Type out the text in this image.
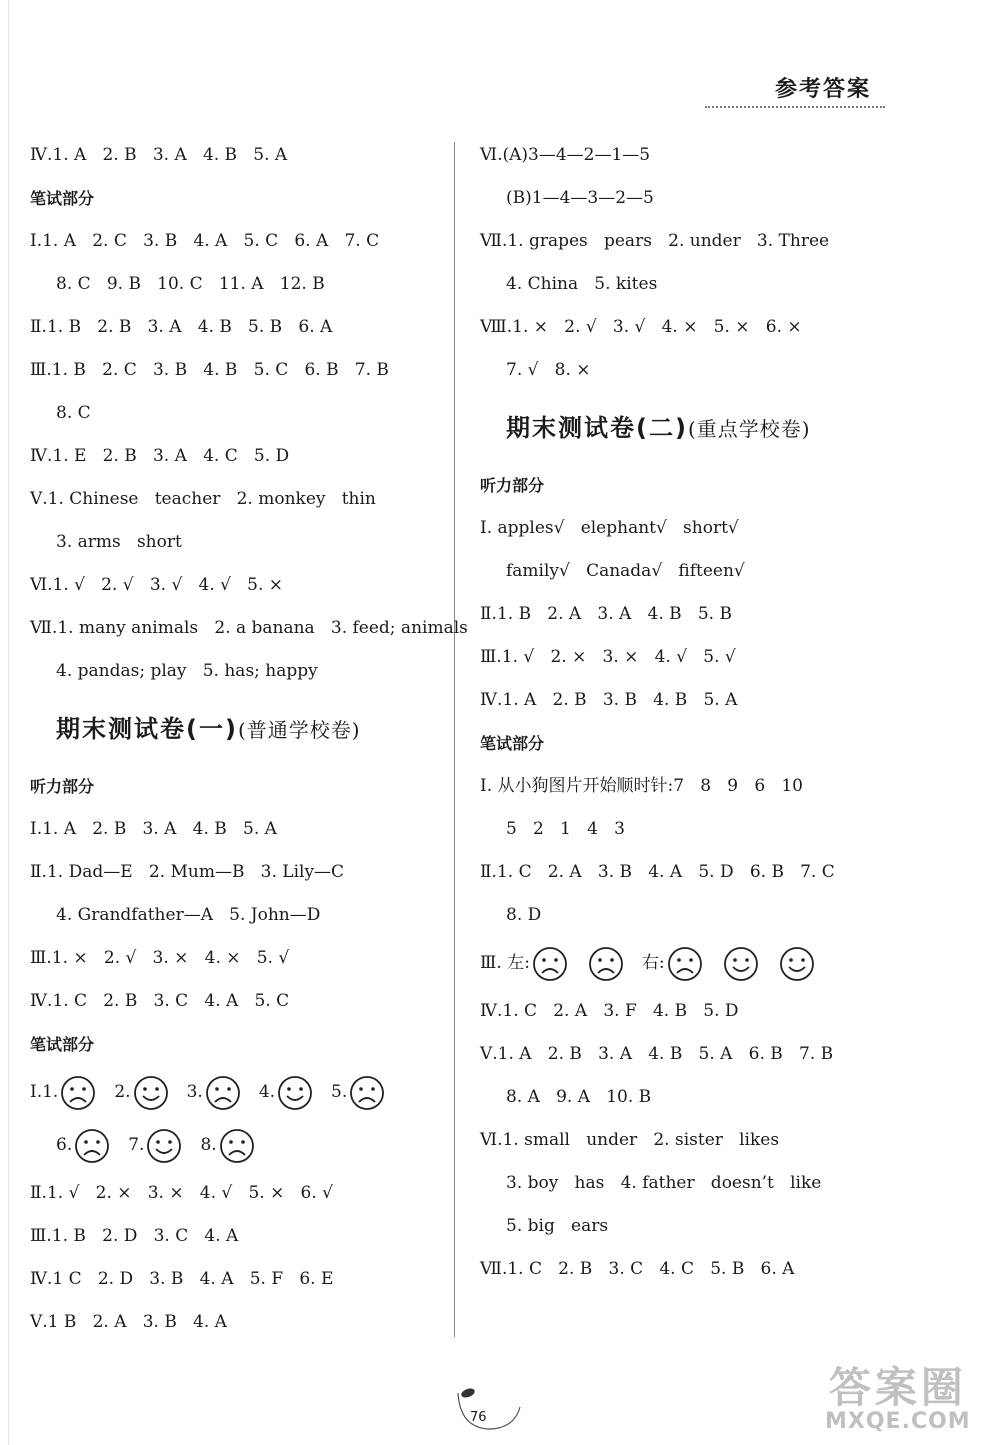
参考答案
Ⅳ.1. A   2. B   3. A   4. B   5. A
笔试部分
Ⅰ.1. A   2. C   3. B   4. A   5. C   6. A   7. C
8. C   9. B   10. C   11. A   12. B
Ⅱ.1. B   2. B   3. A   4. B   5. B   6. A
Ⅲ.1. B   2. C   3. B   4. B   5. C   6. B   7. B
8. C
Ⅳ.1. E   2. B   3. A   4. C   5. D
Ⅴ.1. Chinese   teacher   2. monkey   thin
3. arms   short
Ⅵ.1. √   2. √   3. √   4. √   5. ×
Ⅶ.1. many animals   2. a banana   3. feed; animals
4. pandas; play   5. has; happy
期末测试卷(一)(普通学校卷)
听力部分
Ⅰ.1. A   2. B   3. A   4. B   5. A
Ⅱ.1. Dad—E   2. Mum—B   3. Lily—C
4. Grandfather—A   5. John—D
Ⅲ.1. ×   2. √   3. ×   4. ×   5. √
Ⅳ.1. C   2. B   3. C   4. A   5. C
笔试部分
Ⅰ.1.	2.	3.	4.	5.
6.	7.	8.
Ⅱ.1. √   2. ×   3. ×   4. √   5. ×   6. √
Ⅲ.1. B   2. D   3. C   4. A
Ⅳ.1 C   2. D   3. B   4. A   5. F   6. E
Ⅴ.1 B   2. A   3. B   4. A
Ⅵ.(A)3—4—2—1—5
(B)1—4—3—2—5
Ⅶ.1. grapes   pears   2. under   3. Three
4. China   5. kites
Ⅷ.1. ×   2. √   3. √   4. ×   5. ×   6. ×
7. √   8. ×
期末测试卷(二)(重点学校卷)
听力部分
Ⅰ. apples√   elephant√   short√
family√   Canada√   fifteen√
Ⅱ.1. B   2. A   3. A   4. B   5. B
Ⅲ.1. √   2. ×   3. ×   4. √   5. √
Ⅳ.1. A   2. B   3. B   4. B   5. A
笔试部分
Ⅰ. 从小狗图片开始顺时针:7   8   9   6   10
5   2   1   4   3
Ⅱ.1. C   2. A   3. B   4. A   5. D   6. B   7. C
8. D
Ⅲ. 左:	右:
Ⅳ.1. C   2. A   3. F   4. B   5. D
Ⅴ.1. A   2. B   3. A   4. B   5. A   6. B   7. B
8. A   9. A   10. B
Ⅵ.1. small   under   2. sister   likes
3. boy   has   4. father   doesn’t   like
5. big   ears
Ⅶ.1. C   2. B   3. C   4. C   5. B   6. A
76
答案圈
MXQE.COM
